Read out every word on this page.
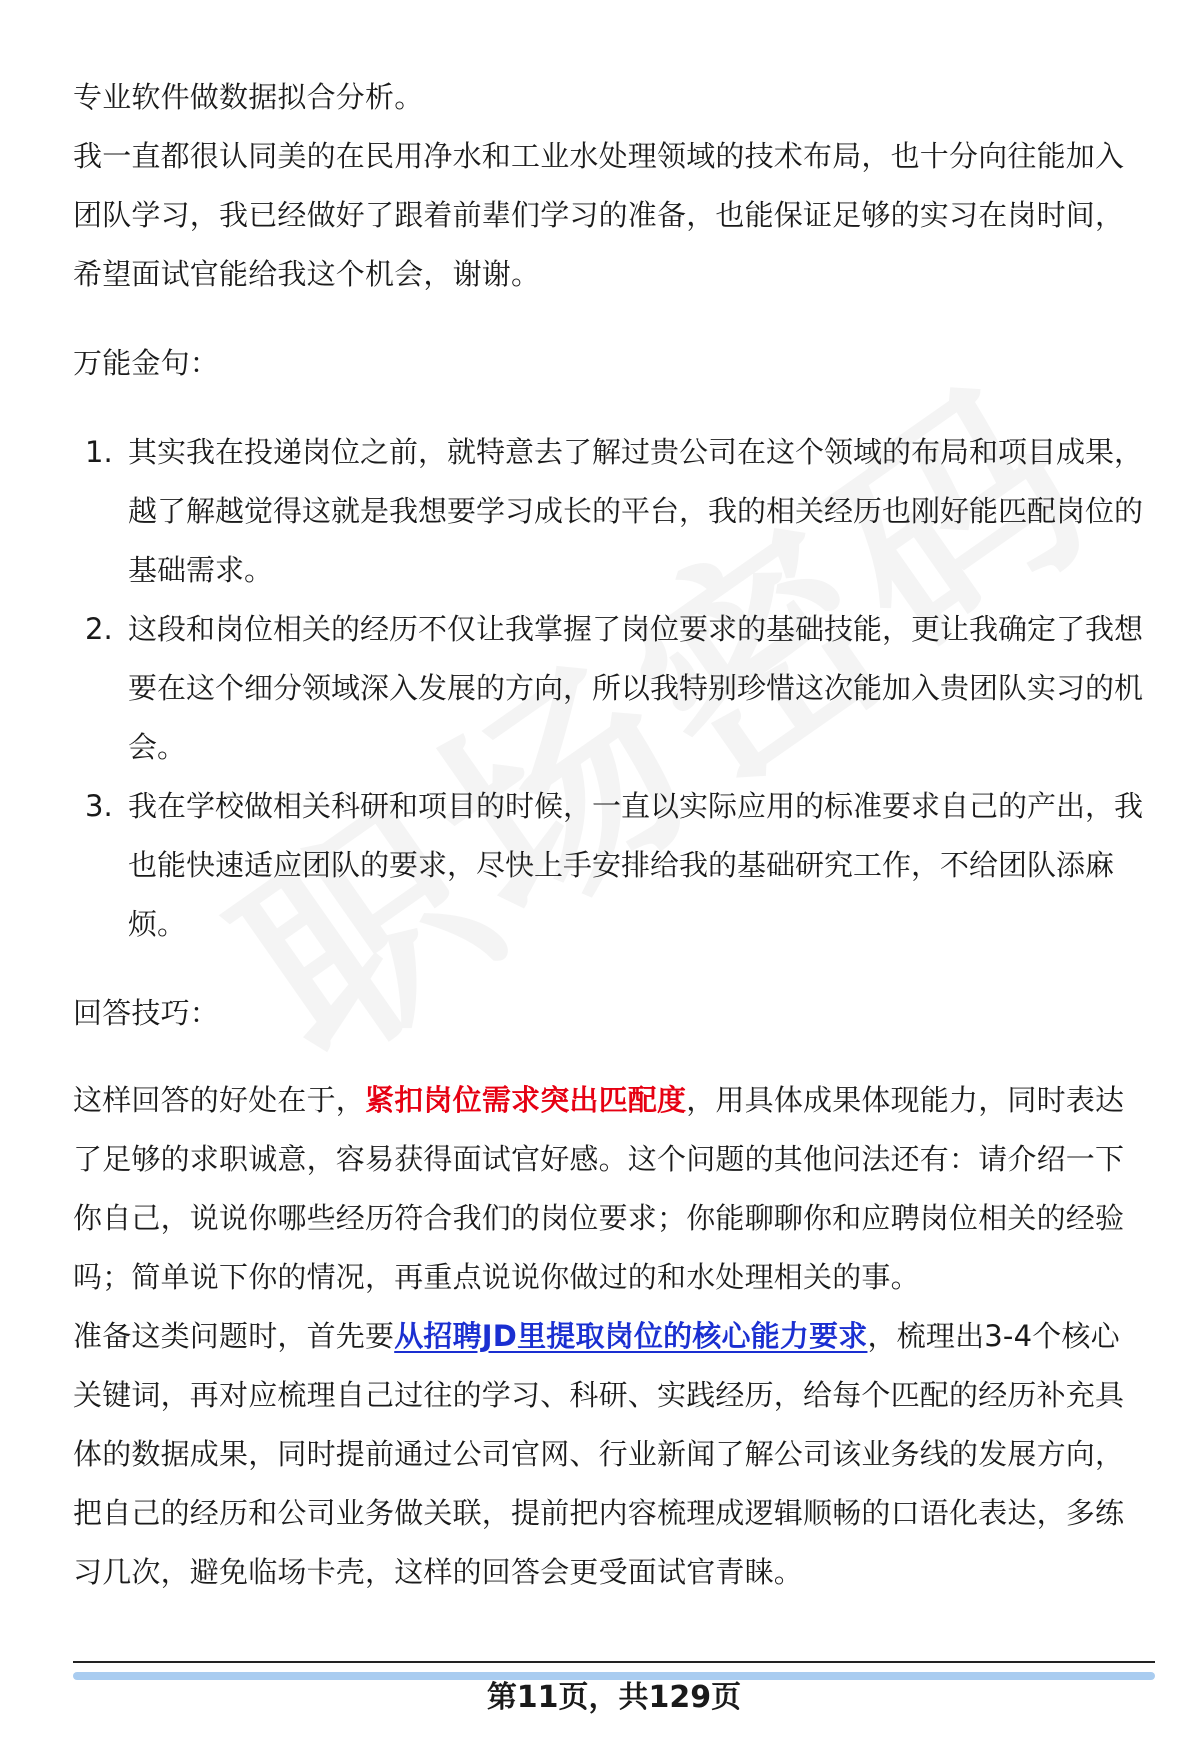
专业软件做数据拟合分析。

我一直都很认同美的在民用净水和工业水处理领域的技术布局，也十分向往能加入团队学习，我已经做好了跟着前辈们学习的准备，也能保证足够的实习在岗时间，希望面试官能给我这个机会，谢谢。

万能金句：

1. 其实我在投递岗位之前，就特意去了解过贵公司在这个领域的布局和项目成果，越了解越觉得这就是我想要学习成长的平台，我的相关经历也刚好能匹配岗位的基础需求。
2. 这段和岗位相关的经历不仅让我掌握了岗位要求的基础技能，更让我确定了我想要在这个细分领域深入发展的方向，所以我特别珍惜这次能加入贵团队实习的机会。
3. 我在学校做相关科研和项目的时候，一直以实际应用的标准要求自己的产出，我也能快速适应团队的要求，尽快上手安排给我的基础研究工作，不给团队添麻烦。

回答技巧：

这样回答的好处在于，紧扣岗位需求突出匹配度，用具体成果体现能力，同时表达了足够的求职诚意，容易获得面试官好感。这个问题的其他问法还有：请介绍一下你自己，说说你哪些经历符合我们的岗位要求；你能聊聊你和应聘岗位相关的经验吗；简单说下你的情况，再重点说说你做过的和水处理相关的事。

准备这类问题时，首先要从招聘JD里提取岗位的核心能力要求，梳理出3-4个核心关键词，再对应梳理自己过往的学习、科研、实践经历，给每个匹配的经历补充具体的数据成果，同时提前通过公司官网、行业新闻了解公司该业务线的发展方向，把自己的经历和公司业务做关联，提前把内容梳理成逻辑顺畅的口语化表达，多练习几次，避免临场卡壳，这样的回答会更受面试官青睐。

第11页，共129页
